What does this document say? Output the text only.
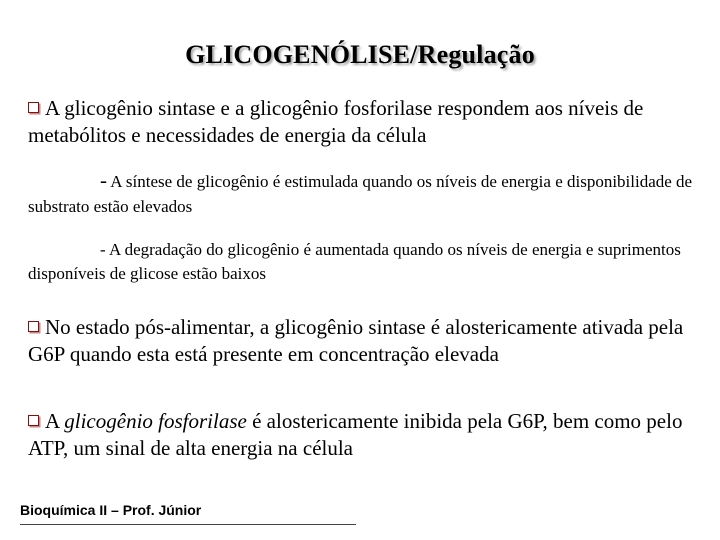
GLICOGENÓLISE/Regulação
A glicogênio sintase e a glicogênio fosforilase respondem aos níveis de metabólitos e necessidades de energia da célula
- A síntese de glicogênio é estimulada quando os níveis de energia e disponibilidade de substrato estão elevados
- A degradação do glicogênio é aumentada quando os níveis de energia e suprimentos disponíveis de glicose estão baixos
No estado pós-alimentar, a glicogênio sintase é alostericamente ativada pela G6P quando esta está presente em concentração elevada
A glicogênio fosforilase é alostericamente inibida pela G6P, bem como pelo ATP, um sinal de alta energia na célula
Bioquímica II – Prof. Júnior
